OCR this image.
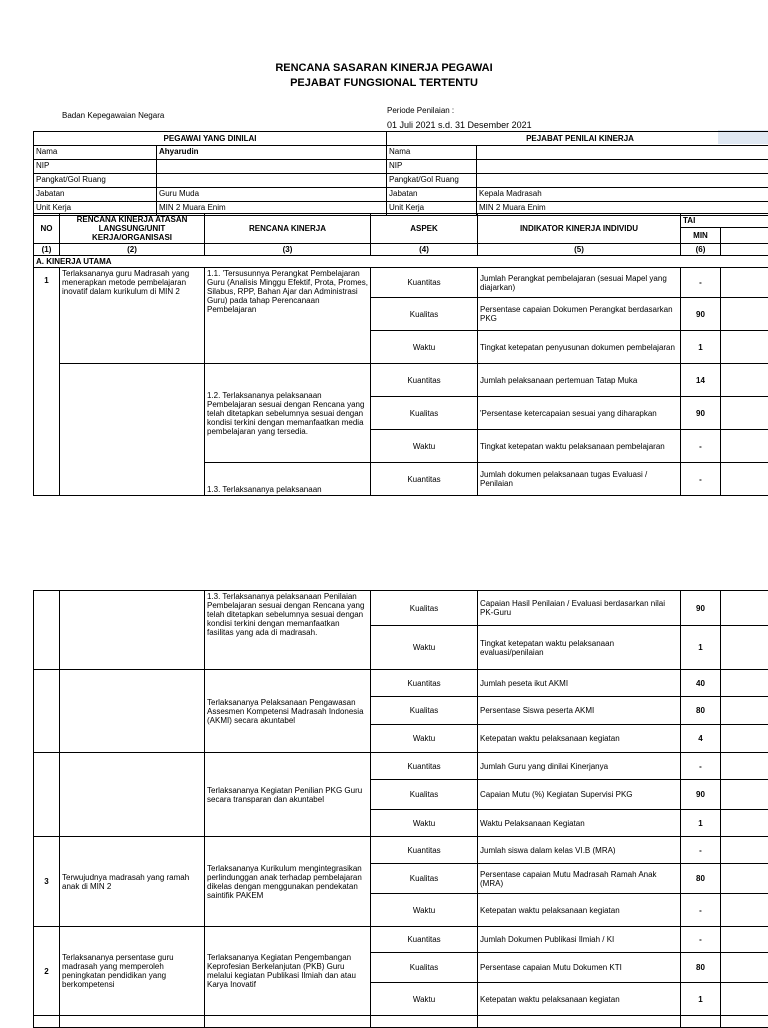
RENCANA SASARAN KINERJA PEGAWAI
PEJABAT FUNGSIONAL TERTENTU
Badan Kepegawaian Negara
Periode Penilaian :
01 Juli 2021 s.d. 31 Desember 2021
PEGAWAI YANG DINILAI		PEJABAT PENILAI KINERJA	
Nama	Ahyarudin	Nama	
NIP		NIP	
Pangkat/Gol Ruang		Pangkat/Gol Ruang	
Jabatan	Guru Muda	Jabatan	Kepala Madrasah
Unit Kerja	MIN 2 Muara Enim	Unit Kerja	MIN 2 Muara Enim
NO	RENCANA KINERJA ATASAN LANGSUNG/UNIT KERJA/ORGANISASI	RENCANA KINERJA	ASPEK	INDIKATOR KINERJA INDIVIDU	TAI	
					MIN	
(1)	(2)	(3)	(4)	(5)	(6)	
A. KINERJA UTAMA						
1	Terlaksananya guru Madrasah yang menerapkan metode pembelajaran inovatif dalam kurikulum di MIN 2	1.1. 'Tersusunnya Perangkat Pembelajaran Guru (Analisis Minggu Efektif, Prota, Promes, Silabus, RPP, Bahan Ajar dan Administrasi Guru) pada tahap Perencanaan Pembelajaran	Kuantitas	Jumlah Perangkat pembelajaran (sesuai Mapel yang diajarkan)	-	
			Kualitas	Persentase capaian Dokumen Perangkat berdasarkan PKG	90	
			Waktu	Tingkat ketepatan penyusunan dokumen pembelajaran	1	
		1.2. Terlaksananya pelaksanaan Pembelajaran sesuai dengan Rencana yang telah ditetapkan sebelumnya sesuai dengan kondisi terkini dengan memanfaatkan media pembelajaran yang tersedia.	Kuantitas	Jumlah pelaksanaan pertemuan Tatap Muka	14	
			Kualitas	'Persentase ketercapaian sesuai yang diharapkan	90	
			Waktu	Tingkat ketepatan waktu pelaksanaan pembelajaran	-	
		1.3. Terlaksananya pelaksanaan	Kuantitas	Jumlah dokumen pelaksanaan tugas Evaluasi / Penilaian	-	
		1.3. Terlaksananya pelaksanaan Penilaian Pembelajaran sesuai dengan Rencana yang telah ditetapkan sebelumnya sesuai dengan kondisi terkini dengan memanfaatkan fasilitas yang ada di madrasah.	Kualitas	Capaian Hasil Penilaian / Evaluasi berdasarkan nilai PK-Guru	90	
			Waktu	Tingkat ketepatan waktu pelaksanaan evaluasi/penilaian	1	
		Terlaksananya Pelaksanaan Pengawasan Assesmen Kompetensi Madrasah Indonesia (AKMI) secara akuntabel	Kuantitas	Jumlah peseta ikut AKMI	40	
			Kualitas	Persentase Siswa peserta AKMI	80	
			Waktu	Ketepatan waktu pelaksanaan kegiatan	4	
		Terlaksananya Kegiatan Penilian PKG Guru secara transparan dan akuntabel	Kuantitas	Jumlah Guru yang dinilai Kinerjanya	-	
			Kualitas	Capaian Mutu (%) Kegiatan Supervisi PKG	90	
			Waktu	Waktu Pelaksanaan Kegiatan	1	
3	Terwujudnya madrasah yang ramah anak di MIN 2	Terlaksananya Kurikulum mengintegrasikan perlindunggan anak terhadap pembelajaran dikelas dengan menggunakan pendekatan saintifik PAKEM	Kuantitas	Jumlah siswa dalam kelas VI.B (MRA)	-	
			Kualitas	Persentase capaian Mutu Madrasah Ramah Anak (MRA)	80	
			Waktu	Ketepatan waktu pelaksanaan kegiatan	-	
2	Terlaksananya persentase guru madrasah yang memperoleh peningkatan pendidikan yang berkompetensi	Terlaksananya Kegiatan Pengembangan Keprofesian Berkelanjutan (PKB) Guru melalui kegiatan Publikasi Ilmiah dan atau Karya Inovatif	Kuantitas	Jumlah Dokumen Publikasi Ilmiah / KI	-	
			Kualitas	Persentase capaian Mutu Dokumen KTI	80	
			Waktu	Ketepatan waktu pelaksanaan kegiatan	1	
